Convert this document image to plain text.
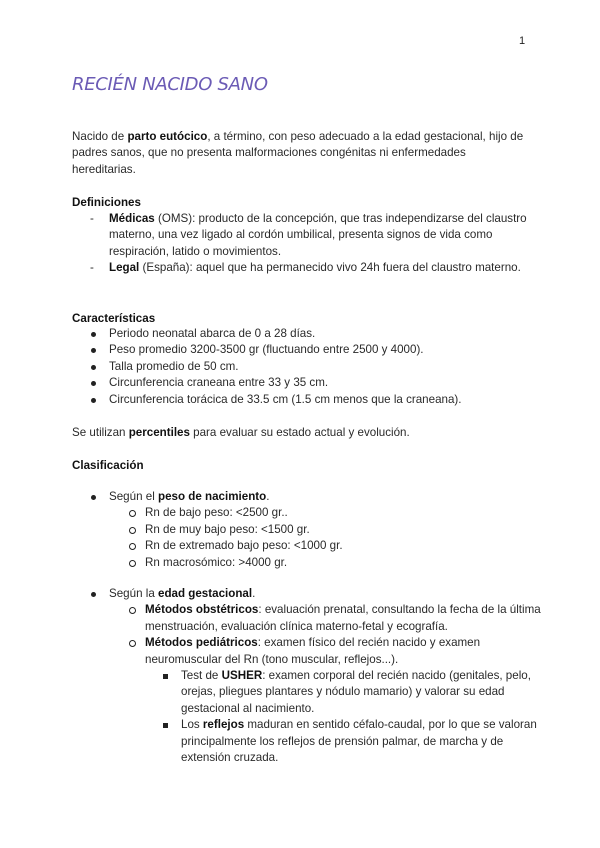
1
RECIÉN NACIDO SANO

Nacido de parto eutócico, a término, con peso adecuado a la edad gestacional, hijo de padres sanos, que no presenta malformaciones congénitas ni enfermedades hereditarias.

Definiciones
- Médicas (OMS): producto de la concepción, que tras independizarse del claustro materno, una vez ligado al cordón umbilical, presenta signos de vida como respiración, latido o movimientos.
- Legal (España): aquel que ha permanecido vivo 24h fuera del claustro materno.
Características
Periodo neonatal abarca de 0 a 28 días.
Peso promedio 3200-3500 gr (fluctuando entre 2500 y 4000).
Talla promedio de 50 cm.
Circunferencia craneana entre 33 y 35 cm.
Circunferencia torácica de 33.5 cm (1.5 cm menos que la craneana).

Se utilizan percentiles para evaluar su estado actual y evolución.

Clasificación
Según el peso de nacimiento.
Rn de bajo peso: <2500 gr..
Rn de muy bajo peso: <1500 gr.
Rn de extremado bajo peso: <1000 gr.
Rn macrosómico: >4000 gr.
Según la edad gestacional.
Métodos obstétricos: evaluación prenatal, consultando la fecha de la última menstruación, evaluación clínica materno-fetal y ecografía.
Métodos pediátricos: examen físico del recién nacido y examen neuromuscular del Rn (tono muscular, reflejos...).
Test de USHER: examen corporal del recién nacido (genitales, pelo, orejas, pliegues plantares y nódulo mamario) y valorar su edad gestacional al nacimiento.
Los reflejos maduran en sentido céfalo-caudal, por lo que se valoran principalmente los reflejos de prensión palmar, de marcha y de extensión cruzada.
